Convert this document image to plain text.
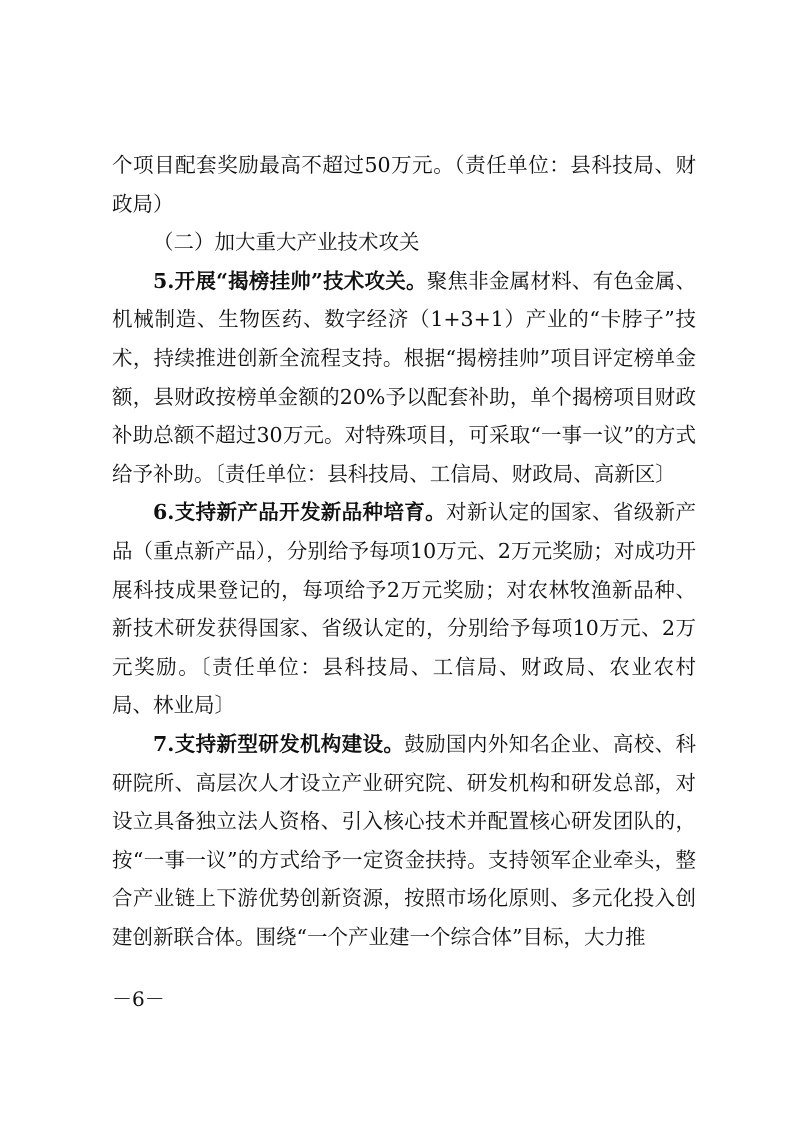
个项目配套奖励最高不超过50万元。（责任单位：县科技局、财政局）

（二）加大重大产业技术攻关

5.开展“揭榜挂帅”技术攻关。聚焦非金属材料、有色金属、机械制造、生物医药、数字经济（1+3+1）产业的“卡脖子”技术，持续推进创新全流程支持。根据“揭榜挂帅”项目评定榜单金额，县财政按榜单金额的20%予以配套补助，单个揭榜项目财政补助总额不超过30万元。对特殊项目，可采取“一事一议”的方式给予补助。〔责任单位：县科技局、工信局、财政局、高新区〕

6.支持新产品开发新品种培育。对新认定的国家、省级新产品（重点新产品），分别给予每项10万元、2万元奖励；对成功开展科技成果登记的，每项给予2万元奖励；对农林牧渔新品种、新技术研发获得国家、省级认定的，分别给予每项10万元、2万元奖励。〔责任单位：县科技局、工信局、财政局、农业农村局、林业局〕

7.支持新型研发机构建设。鼓励国内外知名企业、高校、科研院所、高层次人才设立产业研究院、研发机构和研发总部，对设立具备独立法人资格、引入核心技术并配置核心研发团队的，按“一事一议”的方式给予一定资金扶持。支持领军企业牵头，整合产业链上下游优势创新资源，按照市场化原则、多元化投入创建创新联合体。围绕“一个产业建一个综合体”目标，大力推

－6－
